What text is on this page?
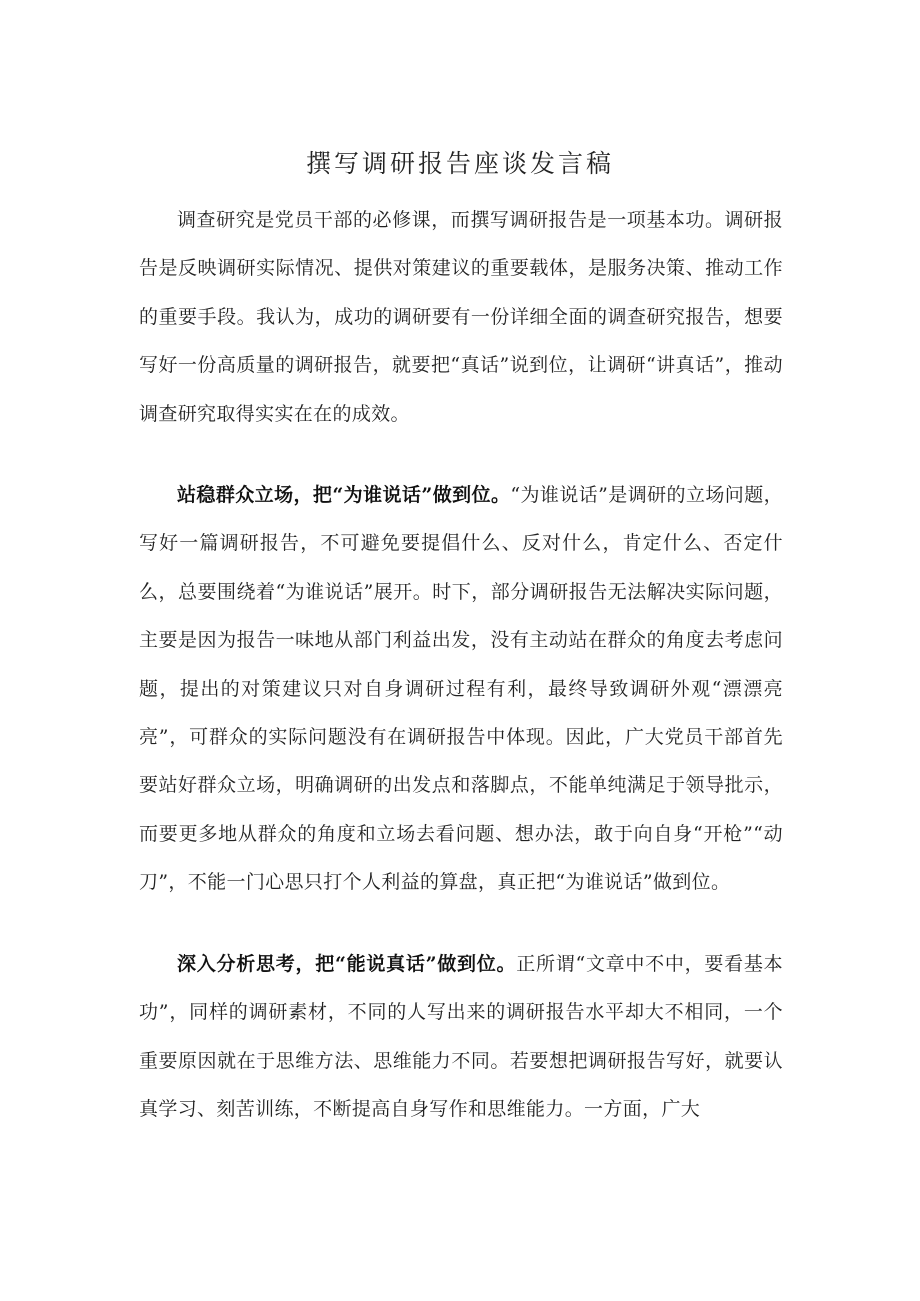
撰写调研报告座谈发言稿

调查研究是党员干部的必修课，而撰写调研报告是一项基本功。调研报告是反映调研实际情况、提供对策建议的重要载体，是服务决策、推动工作的重要手段。我认为，成功的调研要有一份详细全面的调查研究报告，想要写好一份高质量的调研报告，就要把“真话”说到位，让调研“讲真话”，推动调查研究取得实实在在的成效。

站稳群众立场，把“为谁说话”做到位。“为谁说话”是调研的立场问题，写好一篇调研报告，不可避免要提倡什么、反对什么，肯定什么、否定什么，总要围绕着“为谁说话”展开。时下，部分调研报告无法解决实际问题，主要是因为报告一味地从部门利益出发，没有主动站在群众的角度去考虑问题，提出的对策建议只对自身调研过程有利，最终导致调研外观“漂漂亮亮”，可群众的实际问题没有在调研报告中体现。因此，广大党员干部首先要站好群众立场，明确调研的出发点和落脚点，不能单纯满足于领导批示，而要更多地从群众的角度和立场去看问题、想办法，敢于向自身“开枪”“动刀”，不能一门心思只打个人利益的算盘，真正把“为谁说话”做到位。

深入分析思考，把“能说真话”做到位。正所谓“文章中不中，要看基本功”，同样的调研素材，不同的人写出来的调研报告水平却大不相同，一个重要原因就在于思维方法、思维能力不同。若要想把调研报告写好，就要认真学习、刻苦训练，不断提高自身写作和思维能力。一方面，广大
